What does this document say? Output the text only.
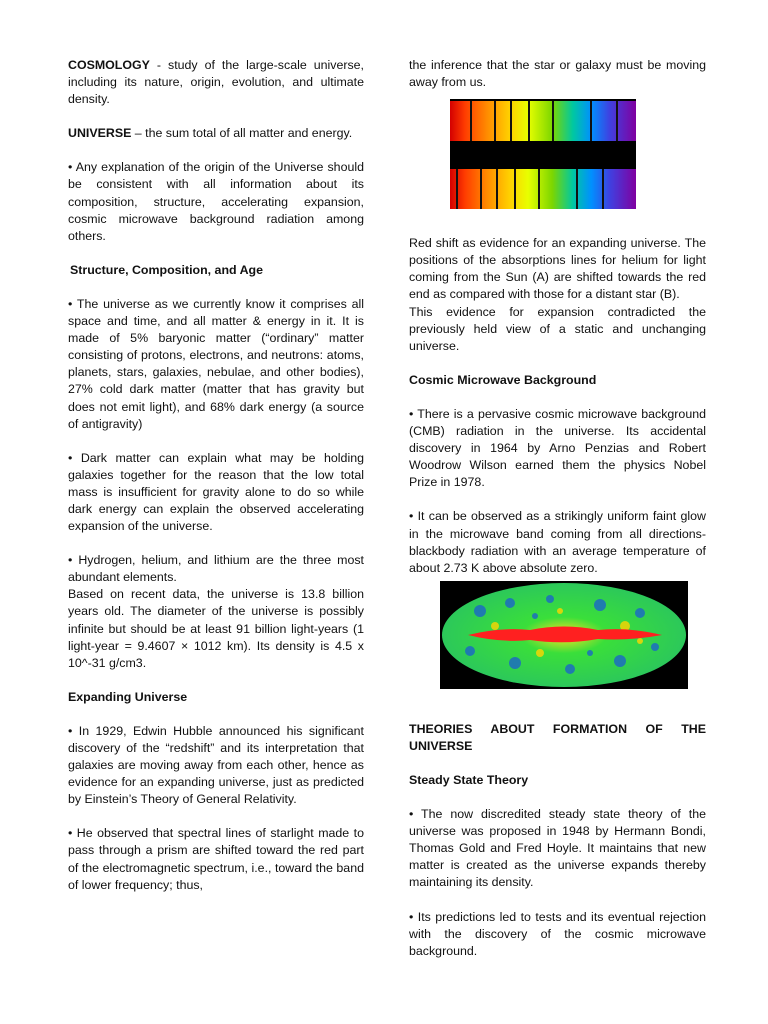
COSMOLOGY - study of the large-scale universe, including its nature, origin, evolution, and ultimate density.

UNIVERSE – the sum total of all matter and energy.

• Any explanation of the origin of the Universe should be consistent with all information about its composition, structure, accelerating expansion, cosmic microwave background radiation among others.

Structure, Composition, and Age

• The universe as we currently know it comprises all space and time, and all matter & energy in it. It is made of 5% baryonic matter (“ordinary” matter consisting of protons, electrons, and neutrons: atoms, planets, stars, galaxies, nebulae, and other bodies), 27% cold dark matter (matter that has gravity but does not emit light), and 68% dark energy (a source of antigravity)

• Dark matter can explain what may be holding galaxies together for the reason that the low total mass is insufficient for gravity alone to do so while dark energy can explain the observed accelerating expansion of the universe.

• Hydrogen, helium, and lithium are the three most abundant elements.

Based on recent data, the universe is 13.8 billion years old. The diameter of the universe is possibly infinite but should be at least 91 billion light-years (1 light-year = 9.4607 × 1012 km). Its density is 4.5 x 10^-31 g/cm3.

Expanding Universe

• In 1929, Edwin Hubble announced his significant discovery of the “redshift” and its interpretation that galaxies are moving away from each other, hence as evidence for an expanding universe, just as predicted by Einstein’s Theory of General Relativity.

• He observed that spectral lines of starlight made to pass through a prism are shifted toward the red part of the electromagnetic spectrum, i.e., toward the band of lower frequency; thus,

the inference that the star or galaxy must be moving away from us.

Red shift as evidence for an expanding universe. The positions of the absorptions lines for helium for light coming from the Sun (A) are shifted towards the red end as compared with those for a distant star (B).

This evidence for expansion contradicted the previously held view of a static and unchanging universe.

Cosmic Microwave Background

• There is a pervasive cosmic microwave background (CMB) radiation in the universe. Its accidental discovery in 1964 by Arno Penzias and Robert Woodrow Wilson earned them the physics Nobel Prize in 1978.

• It can be observed as a strikingly uniform faint glow in the microwave band coming from all directions-blackbody radiation with an average temperature of about 2.73 K above absolute zero.

THEORIES ABOUT FORMATION OF THE UNIVERSE
Steady State Theory

• The now discredited steady state theory of the universe was proposed in 1948 by Hermann Bondi, Thomas Gold and Fred Hoyle. It maintains that new matter is created as the universe expands thereby maintaining its density.

• Its predictions led to tests and its eventual rejection with the discovery of the cosmic microwave background.
